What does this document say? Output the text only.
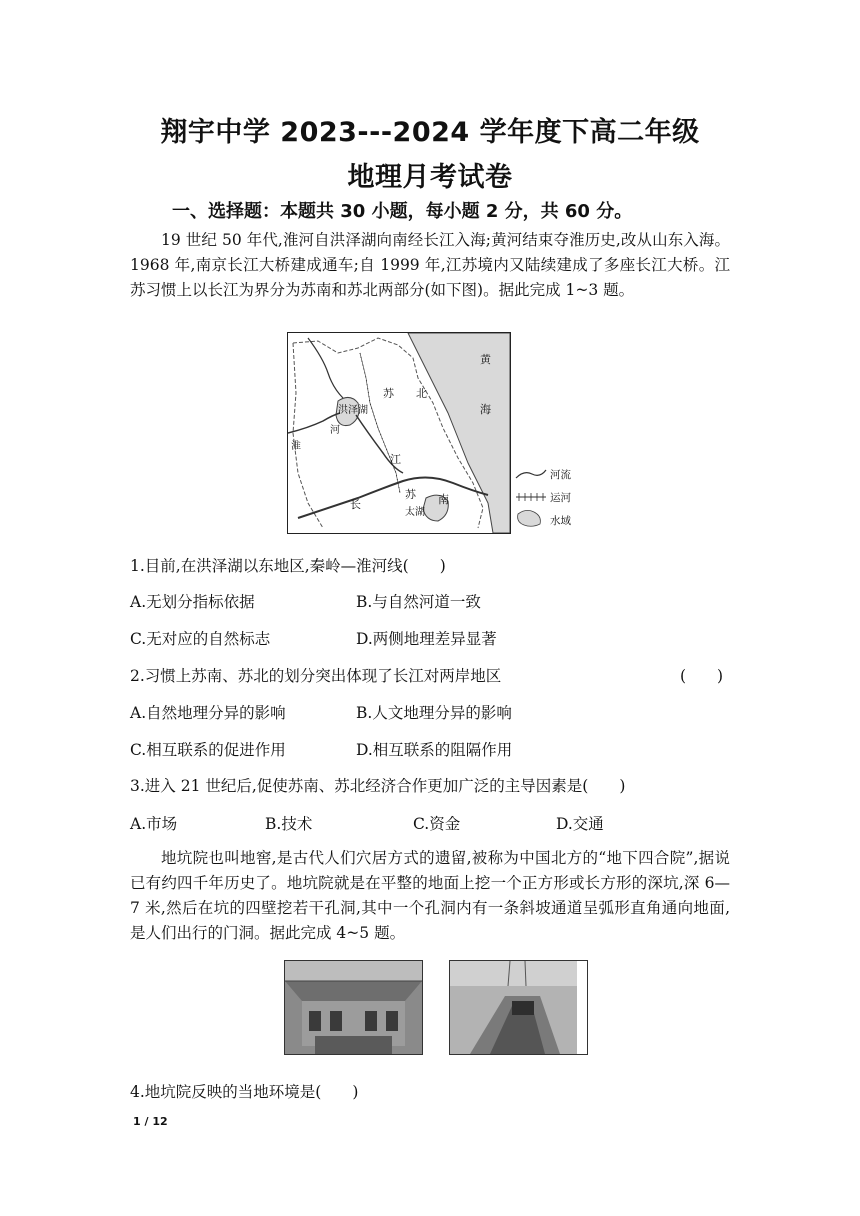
翔宇中学 2023---2024 学年度下高二年级
地理月考试卷
一、选择题：本题共 30 小题，每小题 2 分，共 60 分。
19 世纪 50 年代,淮河自洪泽湖向南经长江入海;黄河结束夺淮历史,改从山东入海。1968 年,南京长江大桥建成通车;自 1999 年,江苏境内又陆续建成了多座长江大桥。江苏习惯上以长江为界分为苏南和苏北两部分(如下图)。据此完成 1~3 题。
黄
海
苏 北
洪泽湖
河
淮
江
长
苏 南
太湖
河流
运河
水域
1.目前,在洪泽湖以东地区,秦岭—淮河线(　　)
A.无划分指标依据	B.与自然河道一致
C.无对应的自然标志	D.两侧地理差异显著
2.习惯上苏南、苏北的划分突出体现了长江对两岸地区	(　　)
A.自然地理分异的影响	B.人文地理分异的影响
C.相互联系的促进作用	D.相互联系的阻隔作用
3.进入 21 世纪后,促使苏南、苏北经济合作更加广泛的主导因素是(　　)
A.市场	B.技术	C.资金	D.交通
地坑院也叫地窖,是古代人们穴居方式的遗留,被称为中国北方的“地下四合院”,据说已有约四千年历史了。地坑院就是在平整的地面上挖一个正方形或长方形的深坑,深 6—7 米,然后在坑的四壁挖若干孔洞,其中一个孔洞内有一条斜坡通道呈弧形直角通向地面,是人们出行的门洞。据此完成 4~5 题。
4.地坑院反映的当地环境是(　　)
1 / 12
